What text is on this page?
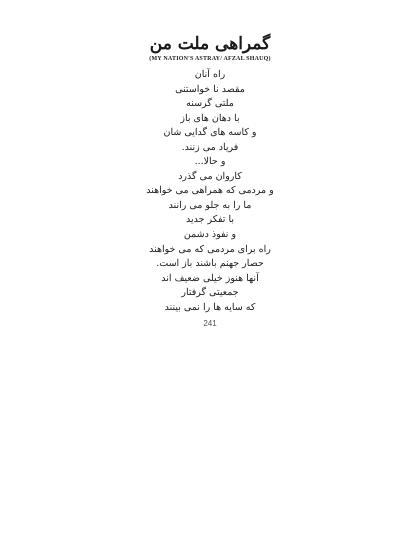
گمراهی ملت من
(MY NATION'S ASTRAY/ AFZAL SHAUQ)
راه آنان
مقصد نا خواستنی
ملتی گرسنه
با دهان های باز
و کاسه های گدایی شان
فریاد می زنند.
و حالا...
کاروان می گذرد
و مردمی که همراهی می خواهند
ما را به جلو می رانند
با تفکر جدید
و نفوذ دشمن
راه برای مردمی که می خواهند
حصار جهنم باشند باز است.
آنها هنوز خیلی ضعیف اند
جمعیتی گرفتار
که سایه ها را نمی بینند
241
